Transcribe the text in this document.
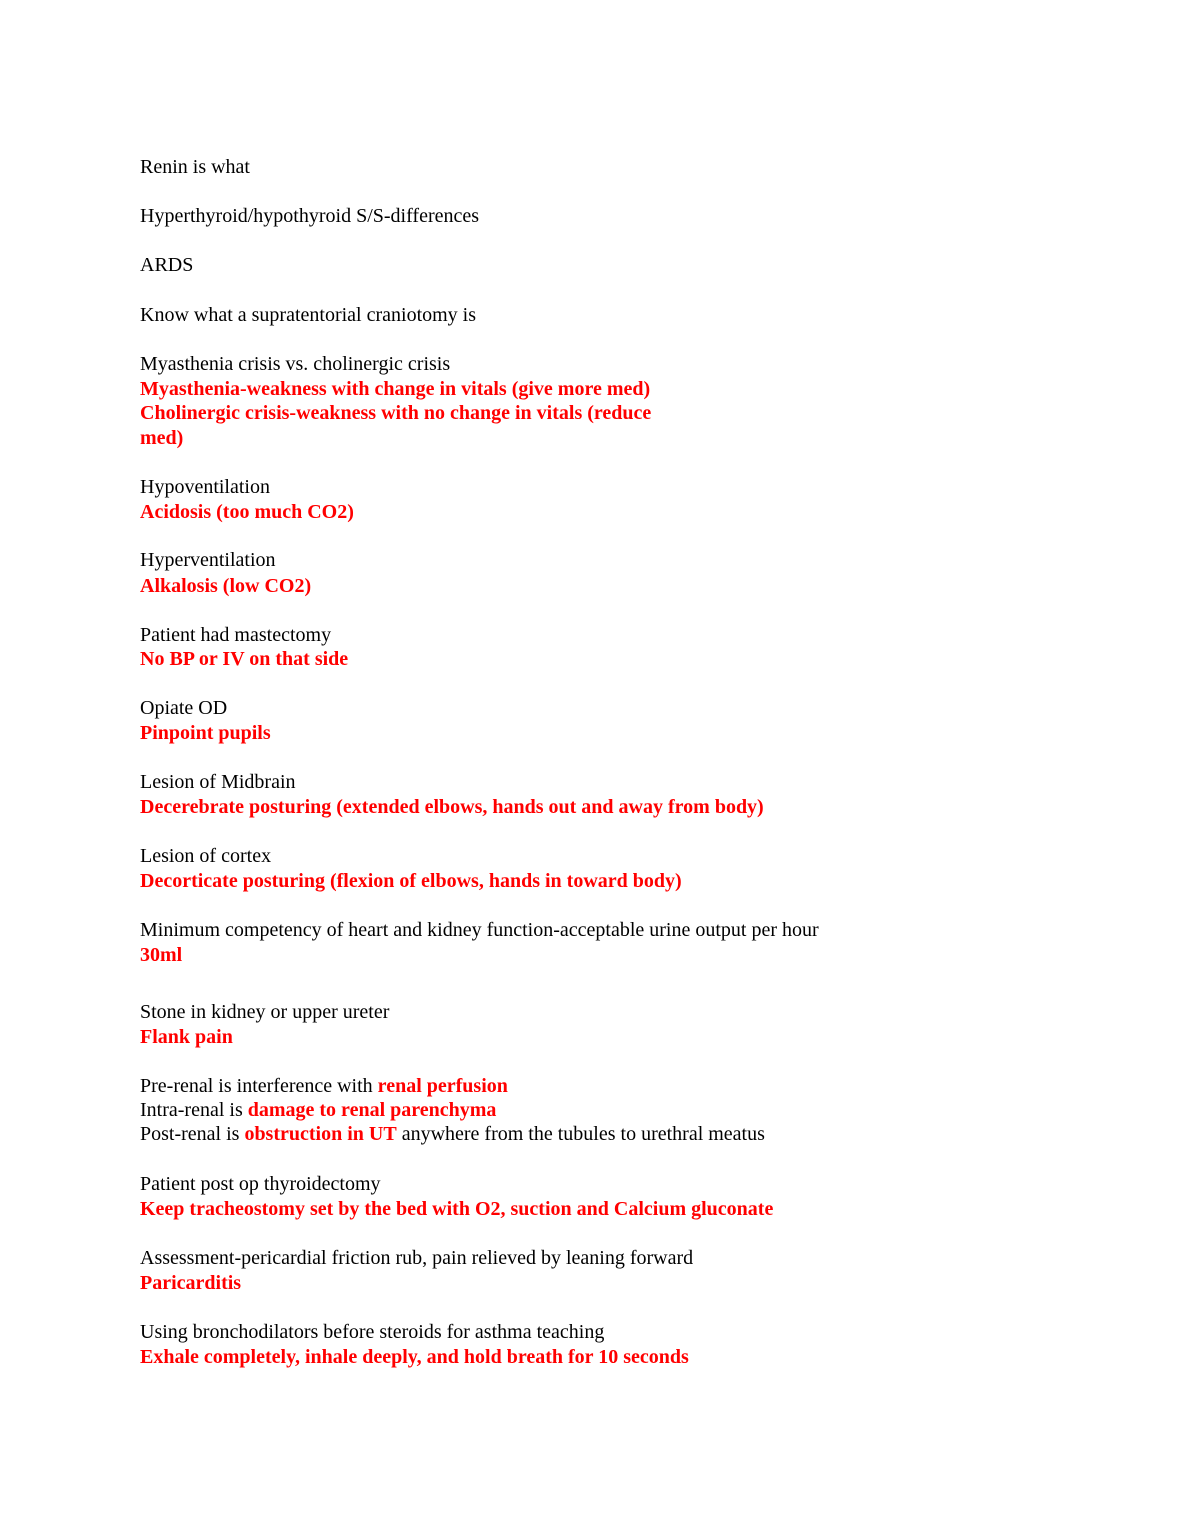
Renin is what

Hyperthyroid/hypothyroid S/S-differences

ARDS

Know what a supratentorial craniotomy is

Myasthenia crisis vs. cholinergic crisis

Myasthenia-weakness with change in vitals (give more med)

Cholinergic crisis-weakness with no change in vitals (reduce

med)

Hypoventilation

Acidosis (too much CO2)

Hyperventilation

Alkalosis (low CO2)

Patient had mastectomy

No BP or IV on that side

Opiate OD

Pinpoint pupils

Lesion of Midbrain

Decerebrate posturing (extended elbows, hands out and away from body)

Lesion of cortex

Decorticate posturing (flexion of elbows, hands in toward body)

Minimum competency of heart and kidney function-acceptable urine output per hour

30ml

Stone in kidney or upper ureter

Flank pain

Pre-renal is interference with renal perfusion

Intra-renal is damage to renal parenchyma

Post-renal is obstruction in UT anywhere from the tubules to urethral meatus

Patient post op thyroidectomy

Keep tracheostomy set by the bed with O2, suction and Calcium gluconate

Assessment-pericardial friction rub, pain relieved by leaning forward

Paricarditis

Using bronchodilators before steroids for asthma teaching

Exhale completely, inhale deeply, and hold breath for 10 seconds
